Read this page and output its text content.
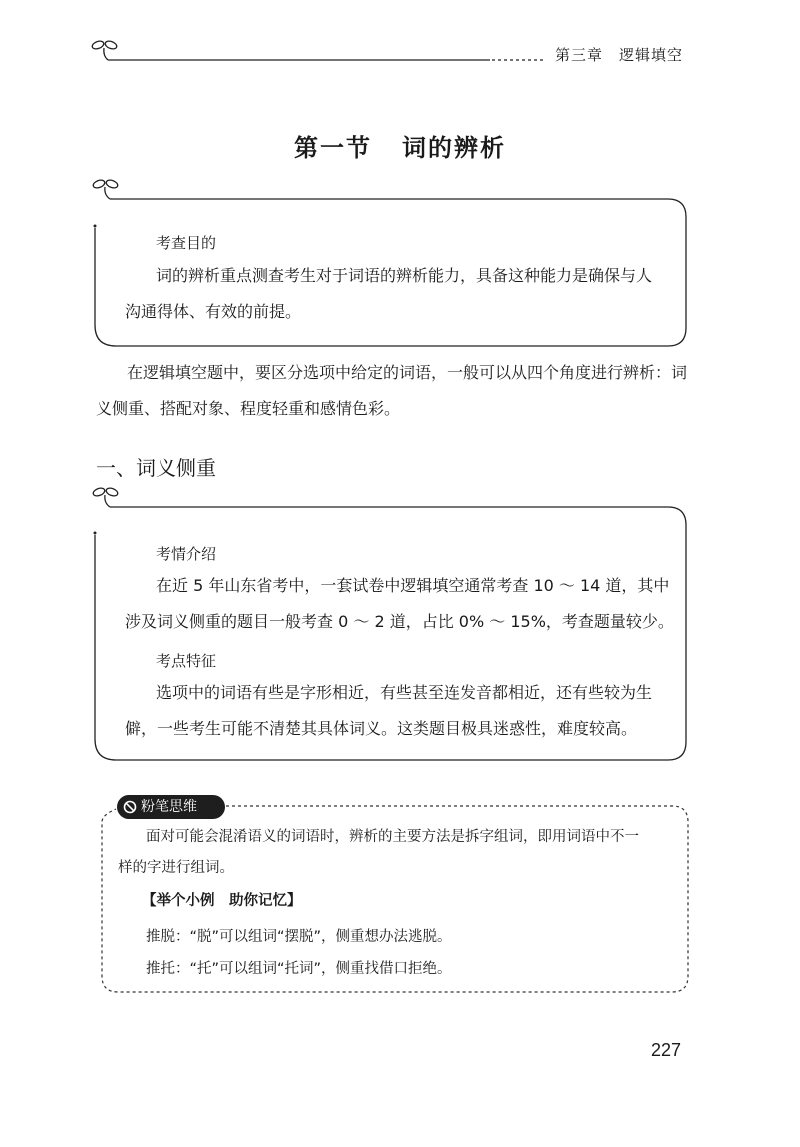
第三章 逻辑填空
第一节 词的辨析
考查目的
词的辨析重点测查考生对于词语的辨析能力，具备这种能力是确保与人
沟通得体、有效的前提。
在逻辑填空题中，要区分选项中给定的词语，一般可以从四个角度进行辨析：词
义侧重、搭配对象、程度轻重和感情色彩。
一、词义侧重
考情介绍
在近 5 年山东省考中，一套试卷中逻辑填空通常考查 10 ～ 14 道，其中
涉及词义侧重的题目一般考查 0 ～ 2 道，占比 0% ～ 15%，考查题量较少。
考点特征
选项中的词语有些是字形相近，有些甚至连发音都相近，还有些较为生
僻，一些考生可能不清楚其具体词义。这类题目极具迷惑性，难度较高。
粉笔思维
面对可能会混淆语义的词语时，辨析的主要方法是拆字组词，即用词语中不一
样的字进行组词。
【举个小例　助你记忆】
推脱：“脱”可以组词“摆脱”，侧重想办法逃脱。
推托：“托”可以组词“托词”，侧重找借口拒绝。
227
